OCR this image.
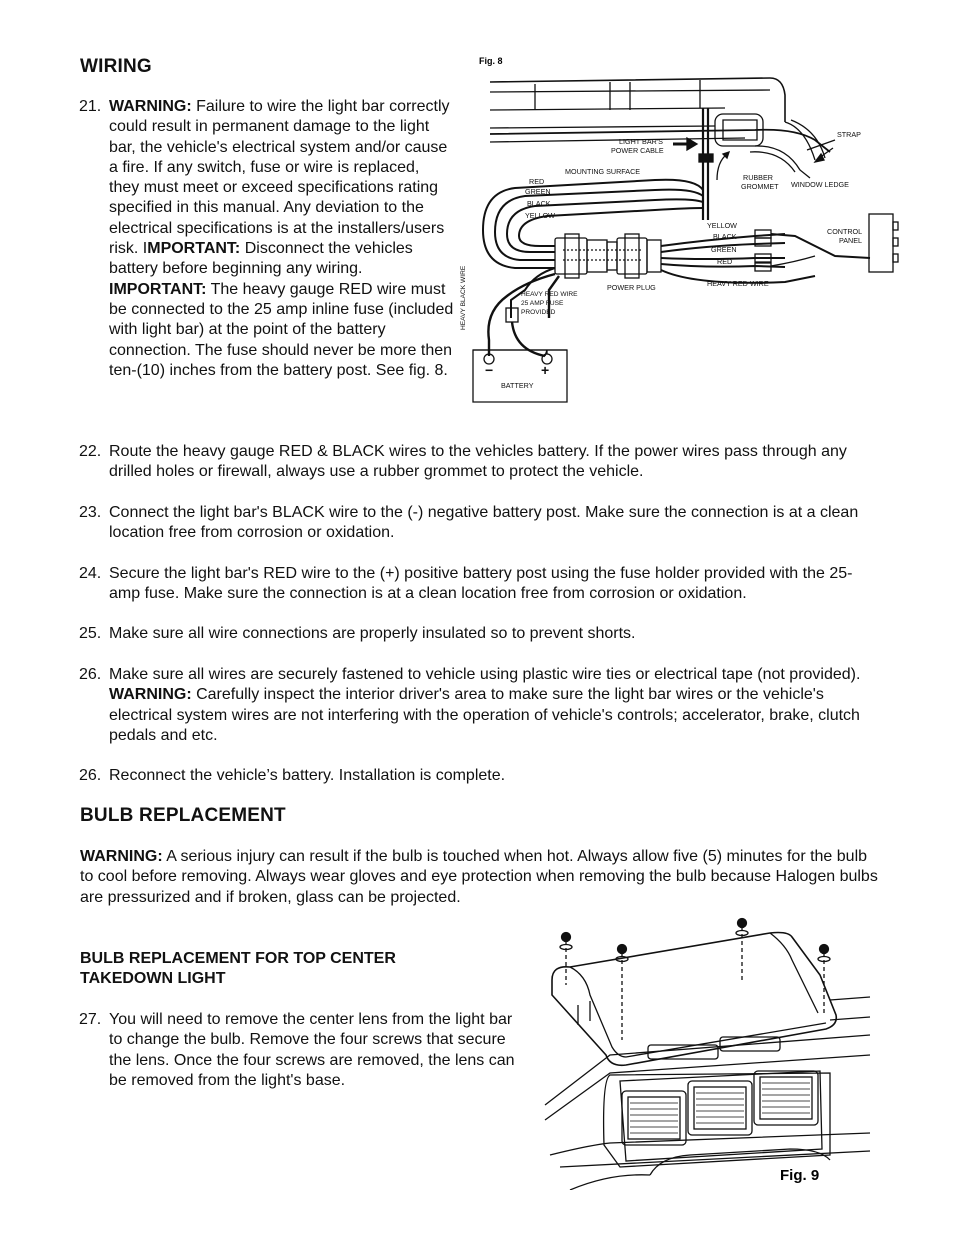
WIRING
21. WARNING: Failure to wire the light bar correctly could result in permanent damage to the light bar, the vehicle's electrical system and/or cause a fire. If any switch, fuse or wire is replaced, they must meet or exceed specifications rating specified in this manual. Any deviation to the electrical specifications is at the installers/users risk. IMPORTANT: Disconnect the vehicles battery before beginning any wiring. IMPORTANT: The heavy gauge RED wire must be connected to the 25 amp inline fuse (included with light bar) at the point of the battery connection. The fuse should never be more then ten-(10) inches from the battery post. See fig. 8.
Fig. 8
LIGHT BAR'S
POWER CABLE
STRAP
MOUNTING SURFACE
RED
GREEN
BLACK
YELLOW
RUBBER
GROMMET WINDOW LEDGE
YELLOW
BLACK
GREEN
RED
CONTROL
PANEL
POWER PLUG	HEAVY RED WIRE
HEAVY RED WIRE
25 AMP FUSE
PROVIDED
HEAVY BLACK WIRE
−	+
BATTERY
22. Route the heavy gauge RED & BLACK wires to the vehicles battery. If the power wires pass through any drilled holes or firewall, always use a rubber grommet to protect the vehicle.
23. Connect the light bar's BLACK wire to the (-) negative battery post. Make sure the connection is at a clean location free from corrosion or oxidation.
24. Secure the light bar's RED wire to the (+) positive battery post using the fuse holder provided with the 25-amp fuse. Make sure the connection is at a clean location free from corrosion or oxidation.
25. Make sure all wire connections are properly insulated so to prevent shorts.
26. Make sure all wires are securely fastened to vehicle using plastic wire ties or electrical tape (not provided). WARNING: Carefully inspect the interior driver's area to make sure the light bar wires or the vehicle's electrical system wires are not interfering with the operation of vehicle's controls; accelerator, brake, clutch pedals and etc.
26. Reconnect the vehicle’s battery. Installation is complete.
BULB REPLACEMENT

WARNING: A serious injury can result if the bulb is touched when hot. Always allow five (5) minutes for the bulb to cool before removing. Always wear gloves and eye protection when removing the bulb because Halogen bulbs are pressurized and if broken, glass can be projected.

BULB REPLACEMENT FOR TOP CENTER TAKEDOWN LIGHT

27. You will need to remove the center lens from the light bar to change the bulb. Remove the four screws that secure the lens. Once the four screws are removed, the lens can be removed from the light's base.
Fig. 9
